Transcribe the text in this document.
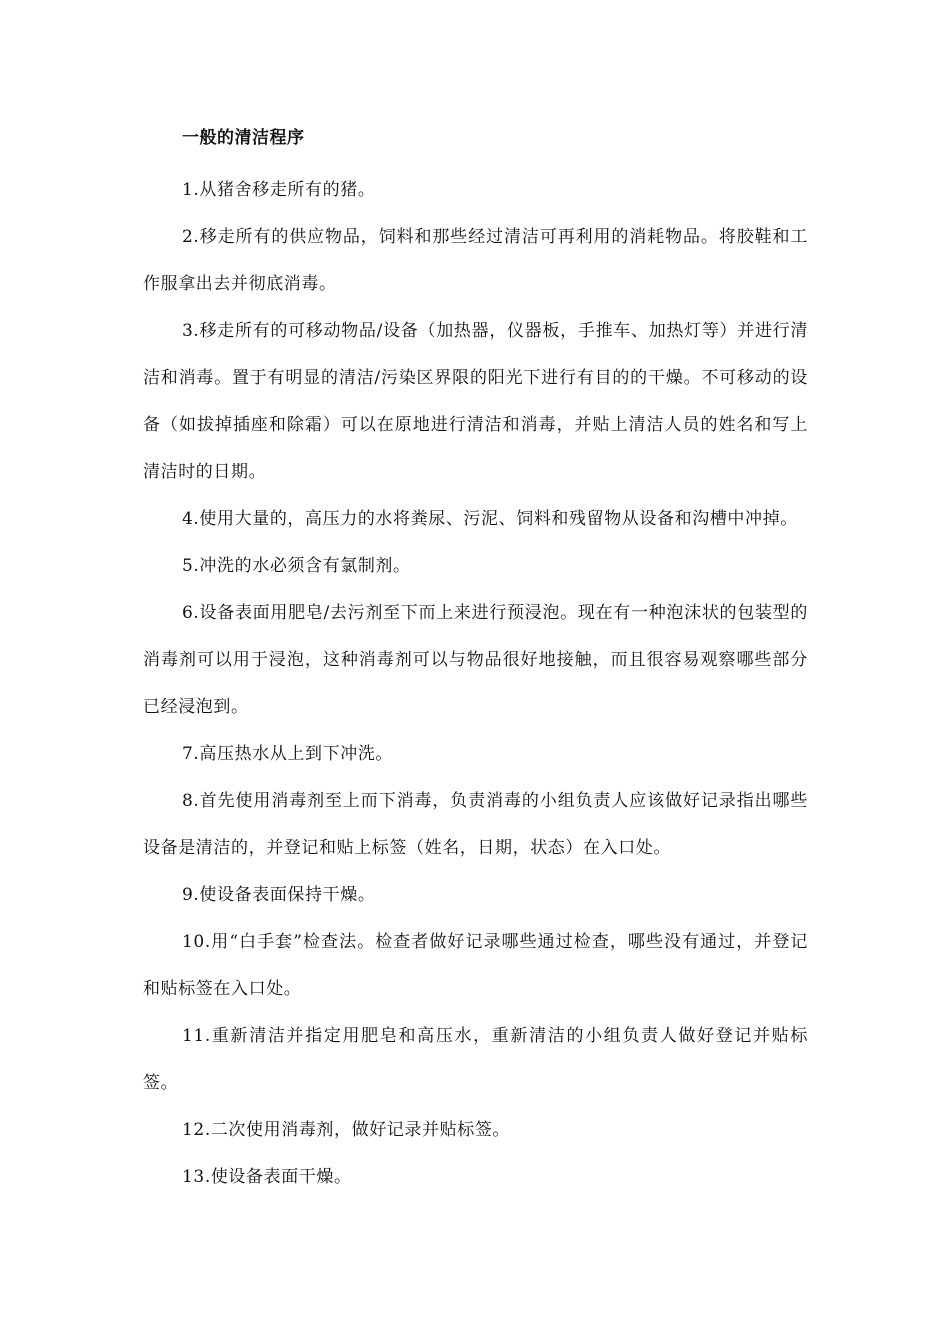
一般的清洁程序

1.从猪舍移走所有的猪。

2.移走所有的供应物品，饲料和那些经过清洁可再利用的消耗物品。将胶鞋和工作服拿出去并彻底消毒。

3.移走所有的可移动物品/设备（加热器，仪器板，手推车、加热灯等）并进行清洁和消毒。置于有明显的清洁/污染区界限的阳光下进行有目的的干燥。不可移动的设备（如拔掉插座和除霜）可以在原地进行清洁和消毒，并贴上清洁人员的姓名和写上清洁时的日期。

4.使用大量的，高压力的水将粪尿、污泥、饲料和残留物从设备和沟槽中冲掉。

5.冲洗的水必须含有氯制剂。

6.设备表面用肥皂/去污剂至下而上来进行预浸泡。现在有一种泡沫状的包装型的消毒剂可以用于浸泡，这种消毒剂可以与物品很好地接触，而且很容易观察哪些部分已经浸泡到。

7.高压热水从上到下冲洗。

8.首先使用消毒剂至上而下消毒，负责消毒的小组负责人应该做好记录指出哪些设备是清洁的，并登记和贴上标签（姓名，日期，状态）在入口处。

9.使设备表面保持干燥。

10.用“白手套”检查法。检查者做好记录哪些通过检查，哪些没有通过，并登记和贴标签在入口处。

11.重新清洁并指定用肥皂和高压水，重新清洁的小组负责人做好登记并贴标签。

12.二次使用消毒剂，做好记录并贴标签。

13.使设备表面干燥。
